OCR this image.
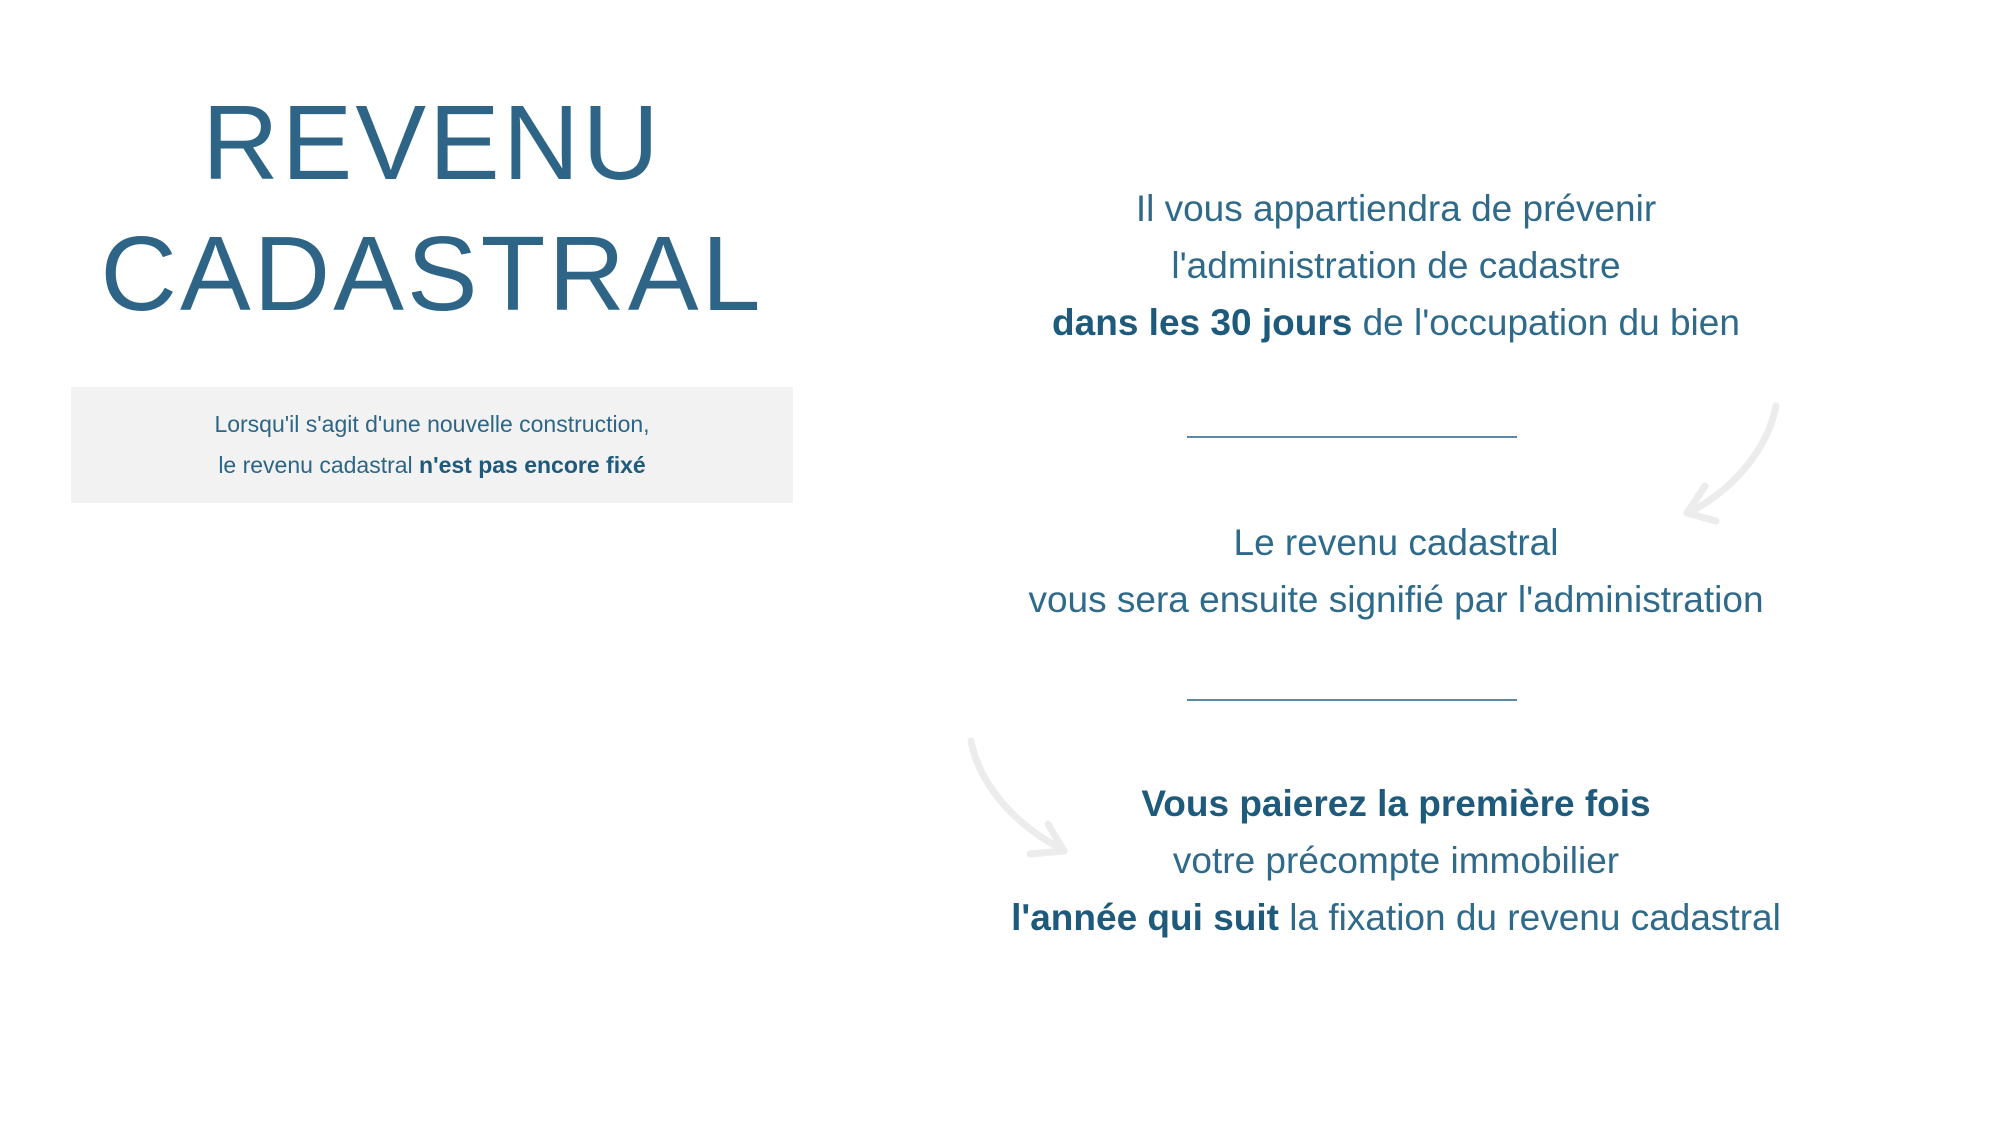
REVENU
CADASTRAL

Lorsqu'il s'agit d'une nouvelle construction,

le revenu cadastral n'est pas encore fixé

Il vous appartiendra de prévenir

l'administration de cadastre

dans les 30 jours de l'occupation du bien

Le revenu cadastral

vous sera ensuite signifié par l'administration

Vous paierez la première fois

votre précompte immobilier

l'année qui suit la fixation du revenu cadastral
